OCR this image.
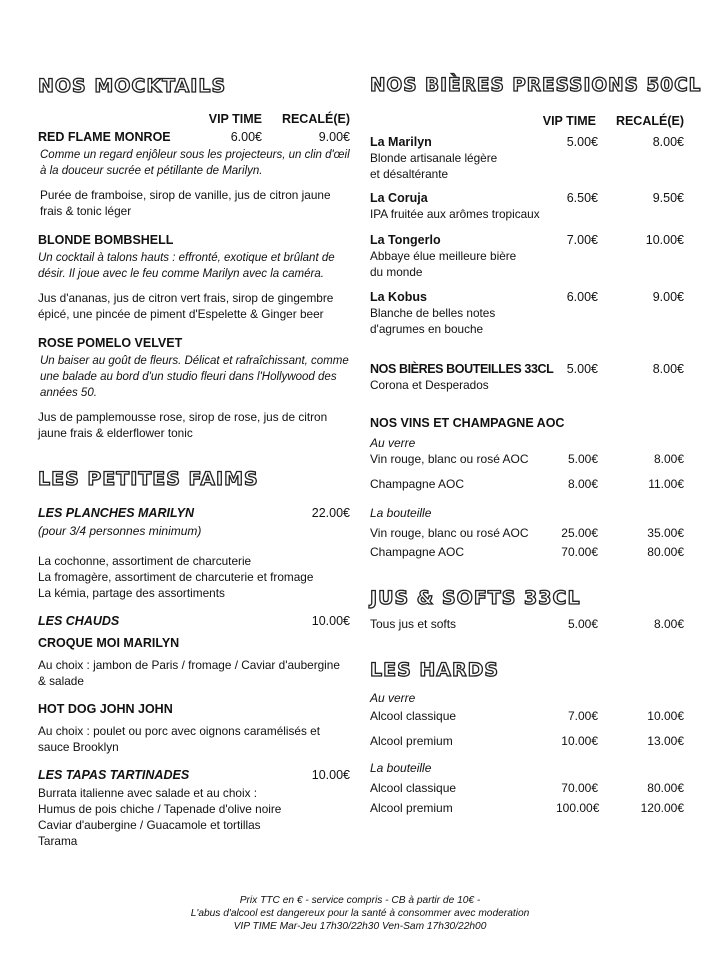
NOS MOCKTAILS
VIP TIME	RECALÉ(E)
RED FLAME MONROE	6.00€	9.00€
Comme un regard enjôleur sous les projecteurs, un clin d'œil à la douceur sucrée et pétillante de Marilyn.
Purée de framboise, sirop de vanille, jus de citron jaune frais & tonic léger
BLONDE BOMBSHELL
Un cocktail à talons hauts : effronté, exotique et brûlant de désir. Il joue avec le feu comme Marilyn avec la caméra.
Jus d'ananas, jus de citron vert frais, sirop de gingembre épicé, une pincée de piment d'Espelette & Ginger beer
ROSE POMELO VELVET
Un baiser au goût de fleurs. Délicat et rafraîchissant, comme une balade au bord d'un studio fleuri dans l'Hollywood des années 50.
Jus de pamplemousse rose, sirop de rose, jus de citron jaune frais & elderflower tonic
LES PETITES FAIMS
LES PLANCHES MARILYN	22.00€
(pour 3/4 personnes minimum)
La cochonne, assortiment de charcuterie
La fromagère, assortiment de charcuterie et fromage
La kémia, partage des assortiments
LES CHAUDS	10.00€
CROQUE MOI MARILYN
Au choix : jambon de Paris / fromage / Caviar d'aubergine & salade
HOT DOG JOHN JOHN
Au choix : poulet ou porc avec oignons caramélisés et sauce Brooklyn
LES TAPAS TARTINADES	10.00€
Burrata italienne avec salade et au choix :
Humus de pois chiche / Tapenade d'olive noire
Caviar d'aubergine / Guacamole et tortillas
Tarama
NOS BIÈRES PRESSIONS 50CL
VIP TIME	RECALÉ(E)
La Marilyn	5.00€	8.00€
Blonde artisanale légère
et désaltérante
La Coruja	6.50€	9.50€
IPA fruitée aux arômes tropicaux
La Tongerlo	7.00€	10.00€
Abbaye élue meilleure bière
du monde
La Kobus	6.00€	9.00€
Blanche de belles notes
d'agrumes en bouche
NOS BIÈRES BOUTEILLES 33CL	5.00€	8.00€
Corona et Desperados
NOS VINS ET CHAMPAGNE AOC
Au verre
Vin rouge, blanc ou rosé AOC	5.00€	8.00€
Champagne AOC	8.00€	11.00€
La bouteille
Vin rouge, blanc ou rosé AOC	25.00€	35.00€
Champagne AOC	70.00€	80.00€
JUS & SOFTS 33CL
Tous jus et softs	5.00€	8.00€
LES HARDS
Au verre
Alcool classique	7.00€	10.00€
Alcool premium	10.00€	13.00€
La bouteille
Alcool classique	70.00€	80.00€
Alcool premium	100.00€	120.00€
Prix TTC en € - service compris - CB à partir de 10€ -
L'abus d'alcool est dangereux pour la santé à consommer avec moderation
VIP TIME Mar-Jeu 17h30/22h30 Ven-Sam 17h30/22h00
